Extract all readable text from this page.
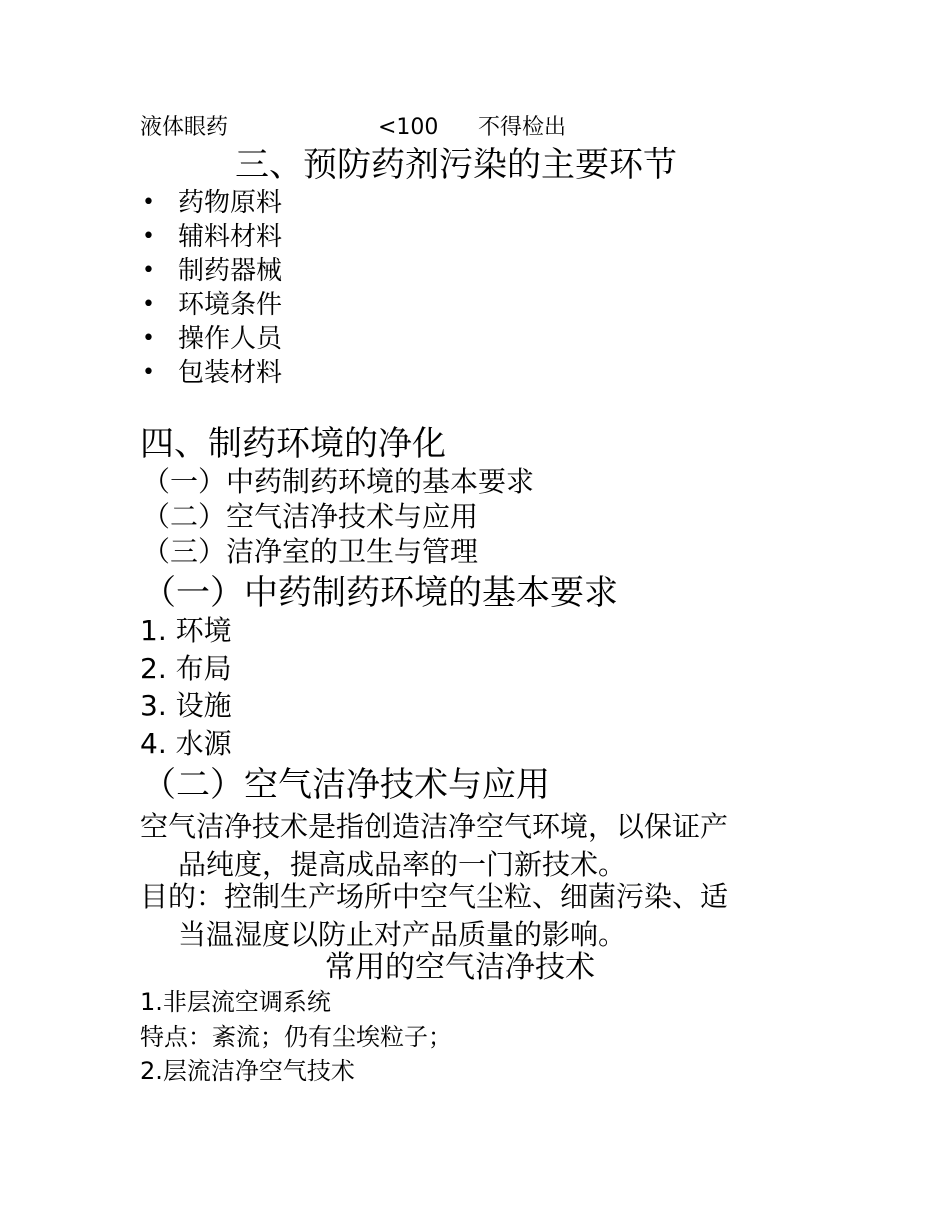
液体眼药	<100 不得检出
三、预防药剂污染的主要环节
• 药物原料
• 辅料材料
• 制药器械
• 环境条件
• 操作人员
• 包装材料
四、制药环境的净化
（一）中药制药环境的基本要求
（二）空气洁净技术与应用
（三）洁净室的卫生与管理
（一）中药制药环境的基本要求
1. 环境
2. 布局
3. 设施
4. 水源
（二）空气洁净技术与应用
空气洁净技术是指创造洁净空气环境，以保证产
品纯度，提高成品率的一门新技术。
目的：控制生产场所中空气尘粒、细菌污染、适
当温湿度以防止对产品质量的影响。
常用的空气洁净技术
1.非层流空调系统
特点：紊流；仍有尘埃粒子；
2.层流洁净空气技术
